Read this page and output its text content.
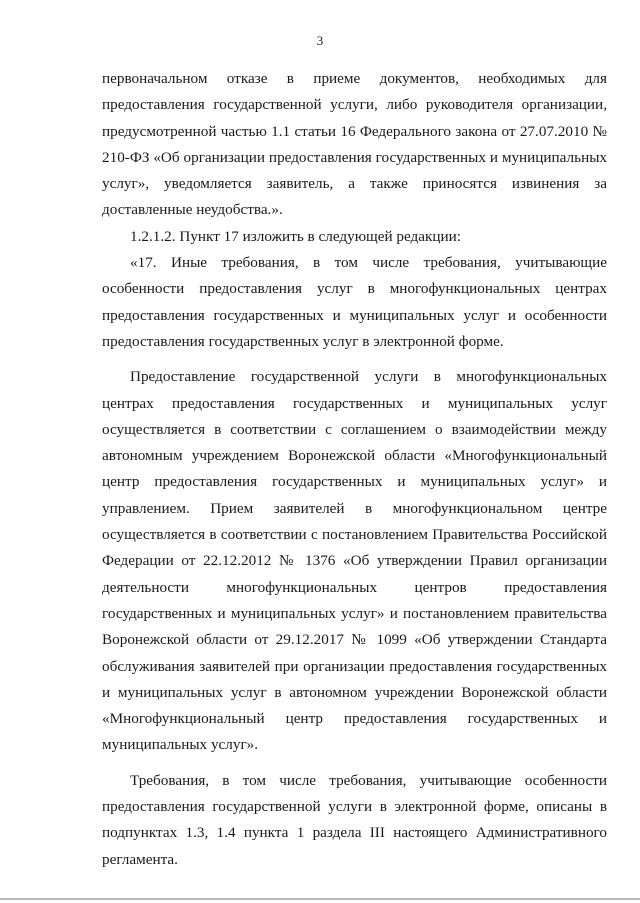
3

первоначальном отказе в приеме документов, необходимых для предоставления государственной услуги, либо руководителя организации, предусмотренной частью 1.1 статьи 16 Федерального закона от 27.07.2010 № 210-ФЗ «Об организации предоставления государственных и муниципальных услуг», уведомляется заявитель, а также приносятся извинения за доставленные неудобства.».

1.2.1.2. Пункт 17 изложить в следующей редакции:

«17. Иные требования, в том числе требования, учитывающие особенности предоставления услуг в многофункциональных центрах предоставления государственных и муниципальных услуг и особенности предоставления государственных услуг в электронной форме.

Предоставление государственной услуги в многофункциональных центрах предоставления государственных и муниципальных услуг осуществляется в соответствии с соглашением о взаимодействии между автономным учреждением Воронежской области «Многофункциональный центр предоставления государственных и муниципальных услуг» и управлением. Прием заявителей в многофункциональном центре осуществляется в соответствии с постановлением Правительства Российской Федерации от 22.12.2012 № 1376 «Об утверждении Правил организации деятельности многофункциональных центров предоставления государственных и муниципальных услуг» и постановлением правительства Воронежской области от 29.12.2017 № 1099 «Об утверждении Стандарта обслуживания заявителей при организации предоставления государственных и муниципальных услуг в автономном учреждении Воронежской области «Многофункциональный центр предоставления государственных и муниципальных услуг».

Требования, в том числе требования, учитывающие особенности предоставления государственной услуги в электронной форме, описаны в подпунктах 1.3, 1.4 пункта 1 раздела III настоящего Административного регламента.
